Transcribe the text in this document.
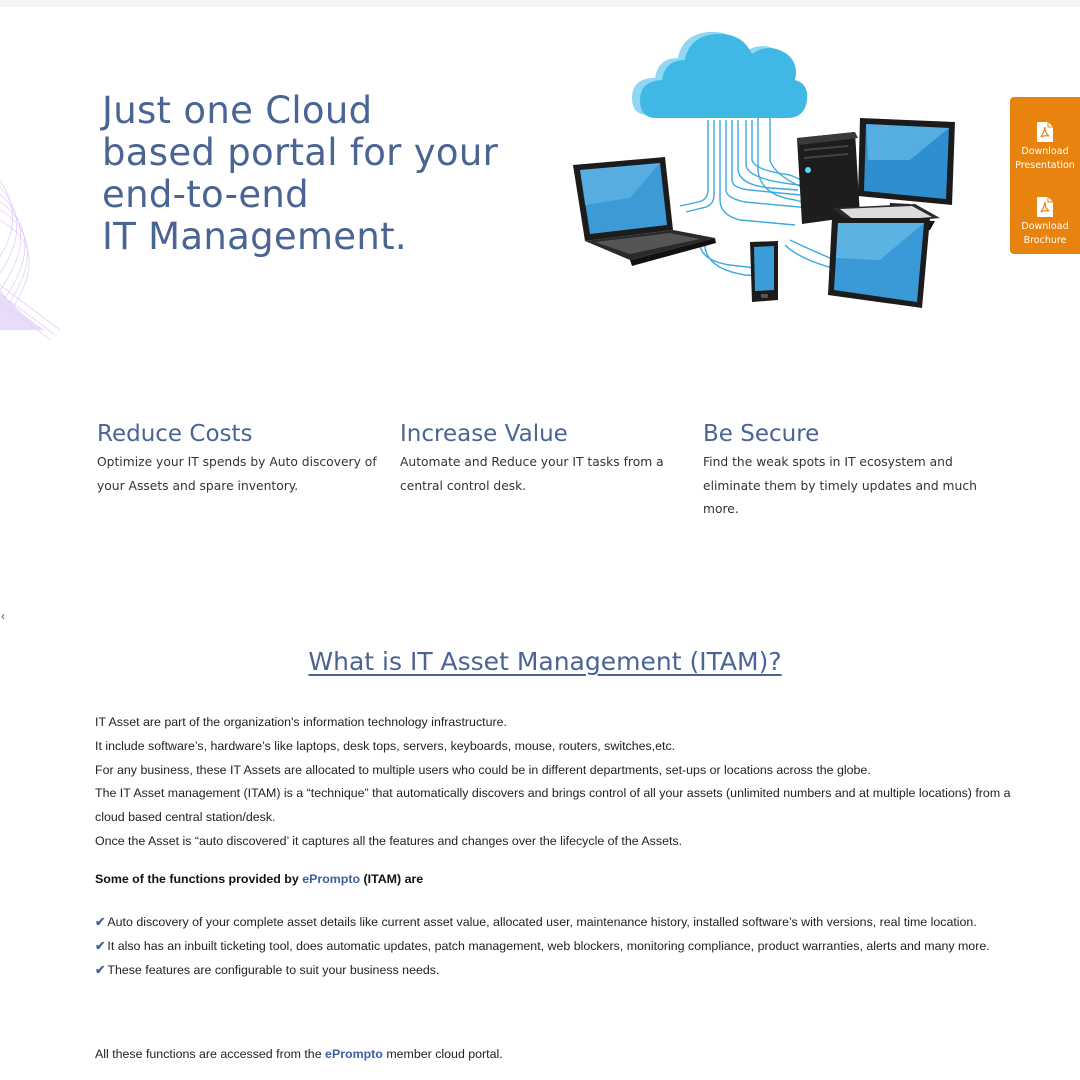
Just one Cloud
based portal for your
end-to-end
IT Management.
Download
Presentation
Download
Brochure
Reduce Costs

Optimize your IT spends by Auto discovery of your Assets and spare inventory.

Increase Value

Automate and Reduce your IT tasks from a central control desk.

Be Secure

Find the weak spots in IT ecosystem and eliminate them by timely updates and much more.

‹
What is IT Asset Management (ITAM)?

IT Asset are part of the organization's information technology infrastructure.

It include software’s, hardware’s like laptops, desk tops, servers, keyboards, mouse, routers, switches,etc.

For any business, these IT Assets are allocated to multiple users who could be in different departments, set-ups or locations across the globe.

The IT Asset management (ITAM) is a “technique” that automatically discovers and brings control of all your assets (unlimited numbers and at multiple locations) from a cloud based central station/desk.

Once the Asset is “auto discovered’ it captures all the features and changes over the lifecycle of the Assets.

Some of the functions provided by ePrompto (ITAM) are

✔ Auto discovery of your complete asset details like current asset value, allocated user, maintenance history, installed software’s with versions, real time location.
✔ It also has an inbuilt ticketing tool, does automatic updates, patch management, web blockers, monitoring compliance, product warranties, alerts and many more.
✔ These features are configurable to suit your business needs.

All these functions are accessed from the ePrompto member cloud portal.
